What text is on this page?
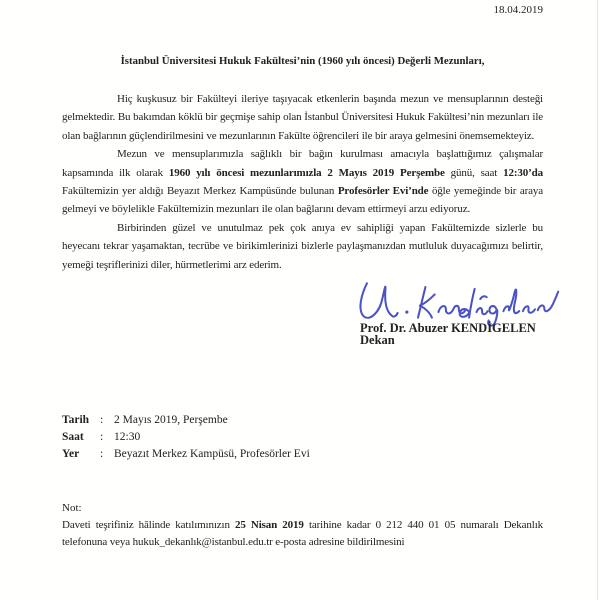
18.04.2019
İstanbul Üniversitesi Hukuk Fakültesi’nin (1960 yılı öncesi) Değerli Mezunları,

Hiç kuşkusuz bir Fakülteyi ileriye taşıyacak etkenlerin başında mezun ve mensuplarının desteği gelmektedir. Bu bakımdan köklü bir geçmişe sahip olan İstanbul Üniversitesi Hukuk Fakültesi’nin mezunları ile olan bağlarının güçlendirilmesini ve mezunlarının Fakülte öğrencileri ile bir araya gelmesini önemsemekteyiz.

Mezun ve mensuplarımızla sağlıklı bir bağın kurulması amacıyla başlattığımız çalışmalar kapsamında ilk olarak 1960 yılı öncesi mezunlarımızla 2 Mayıs 2019 Perşembe günü, saat 12:30’da Fakültemizin yer aldığı Beyazıt Merkez Kampüsünde bulunan Profesörler Evi’nde öğle yemeğinde bir araya gelmeyi ve böylelikle Fakültemizin mezunları ile olan bağlarını devam ettirmeyi arzu ediyoruz.

Birbirinden güzel ve unutulmaz pek çok anıya ev sahipliği yapan Fakültemizde sizlerle bu heyecanı tekrar yaşamaktan, tecrübe ve birikimlerinizi bizlerle paylaşmanızdan mutluluk duyacağımızı belirtir, yemeği teşriflerinizi diler, hürmetlerimi arz ederim.

Prof. Dr. Abuzer KENDİGELEN
Dekan
Tarih : 2 Mayıs 2019, Perşembe
Saat	: 12:30
Yer	: Beyazıt Merkez Kampüsü, Profesörler Evi
Not:
Daveti teşrifiniz hâlinde katılımınızın 25 Nisan 2019 tarihine kadar 0 212 440 01 05 numaralı Dekanlık telefonuna veya hukuk_dekanlık@istanbul.edu.tr e-posta adresine bildirilmesini
